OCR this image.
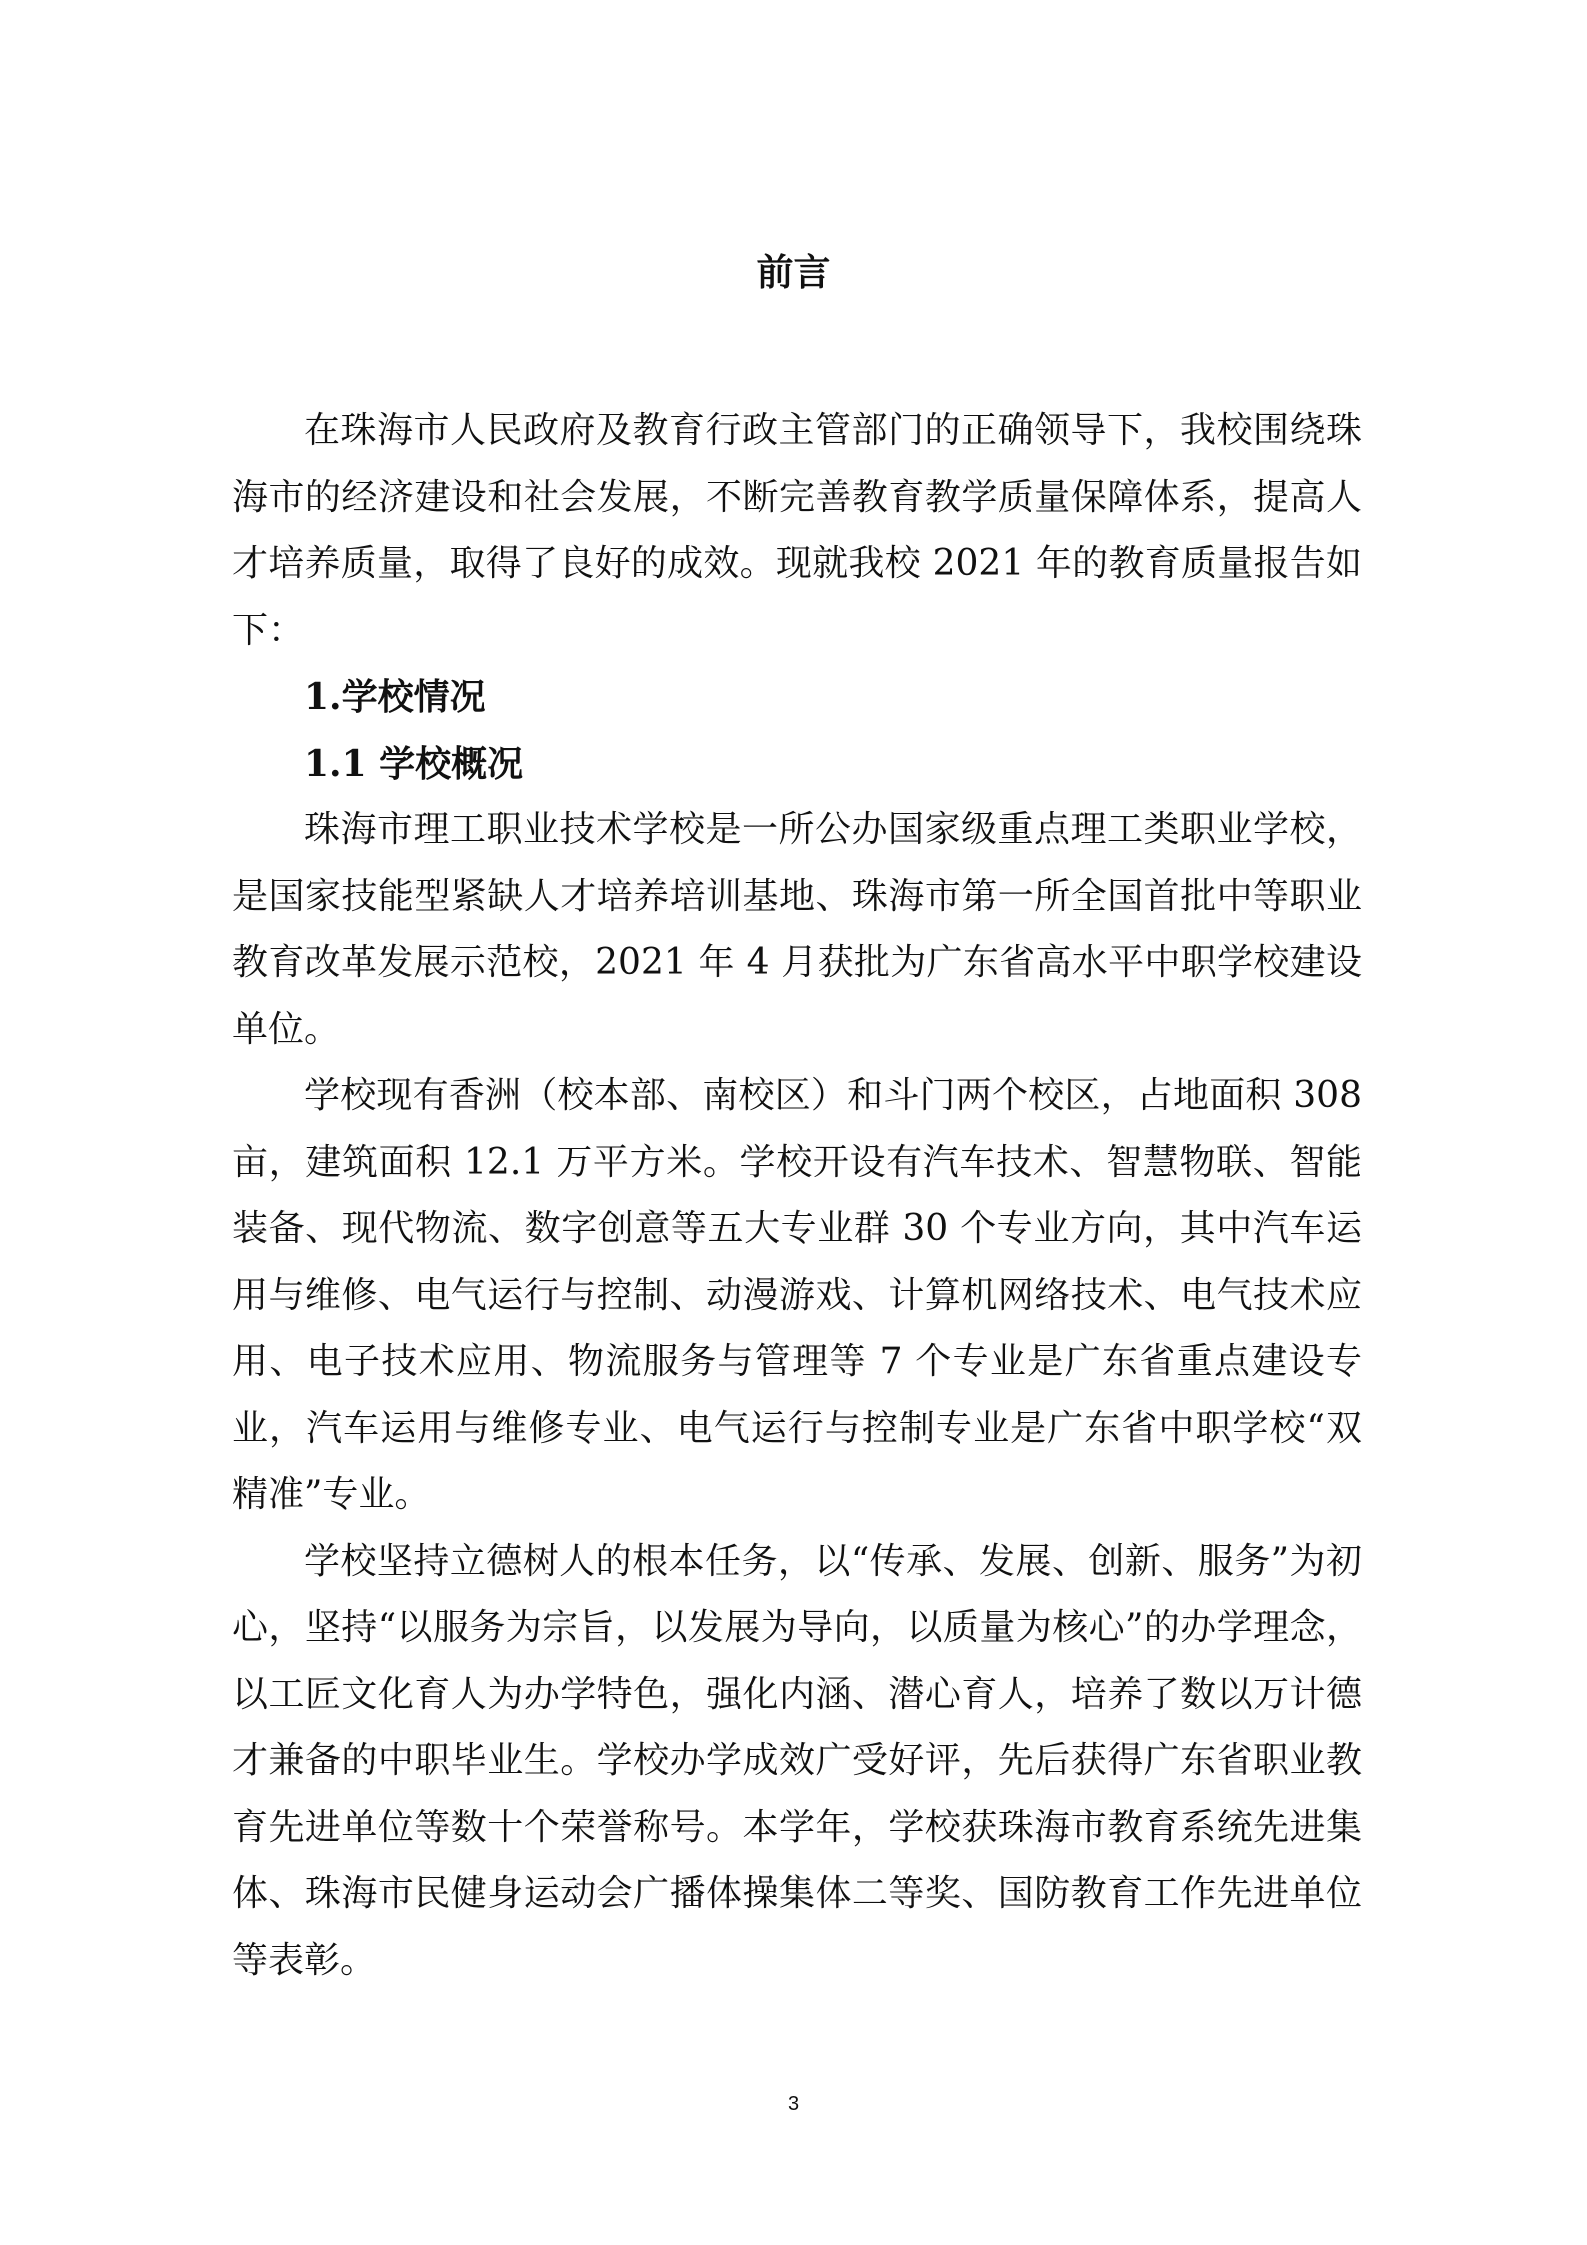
前言

在珠海市人民政府及教育行政主管部门的正确领导下，我校围绕珠海市的经济建设和社会发展，不断完善教育教学质量保障体系，提高人才培养质量，取得了良好的成效。现就我校 2021 年的教育质量报告如下：

1.学校情况

1.1 学校概况

珠海市理工职业技术学校是一所公办国家级重点理工类职业学校，是国家技能型紧缺人才培养培训基地、珠海市第一所全国首批中等职业教育改革发展示范校，2021 年 4 月获批为广东省高水平中职学校建设单位。

学校现有香洲（校本部、南校区）和斗门两个校区，占地面积 308 亩，建筑面积 12.1 万平方米。学校开设有汽车技术、智慧物联、智能装备、现代物流、数字创意等五大专业群 30 个专业方向，其中汽车运用与维修、电气运行与控制、动漫游戏、计算机网络技术、电气技术应用、电子技术应用、物流服务与管理等 7 个专业是广东省重点建设专业，汽车运用与维修专业、电气运行与控制专业是广东省中职学校“双精准”专业。

学校坚持立德树人的根本任务，以“传承、发展、创新、服务”为初心，坚持“以服务为宗旨，以发展为导向，以质量为核心”的办学理念，以工匠文化育人为办学特色，强化内涵、潜心育人，培养了数以万计德才兼备的中职毕业生。学校办学成效广受好评，先后获得广东省职业教育先进单位等数十个荣誉称号。本学年，学校获珠海市教育系统先进集体、珠海市民健身运动会广播体操集体二等奖、国防教育工作先进单位等表彰。

3
